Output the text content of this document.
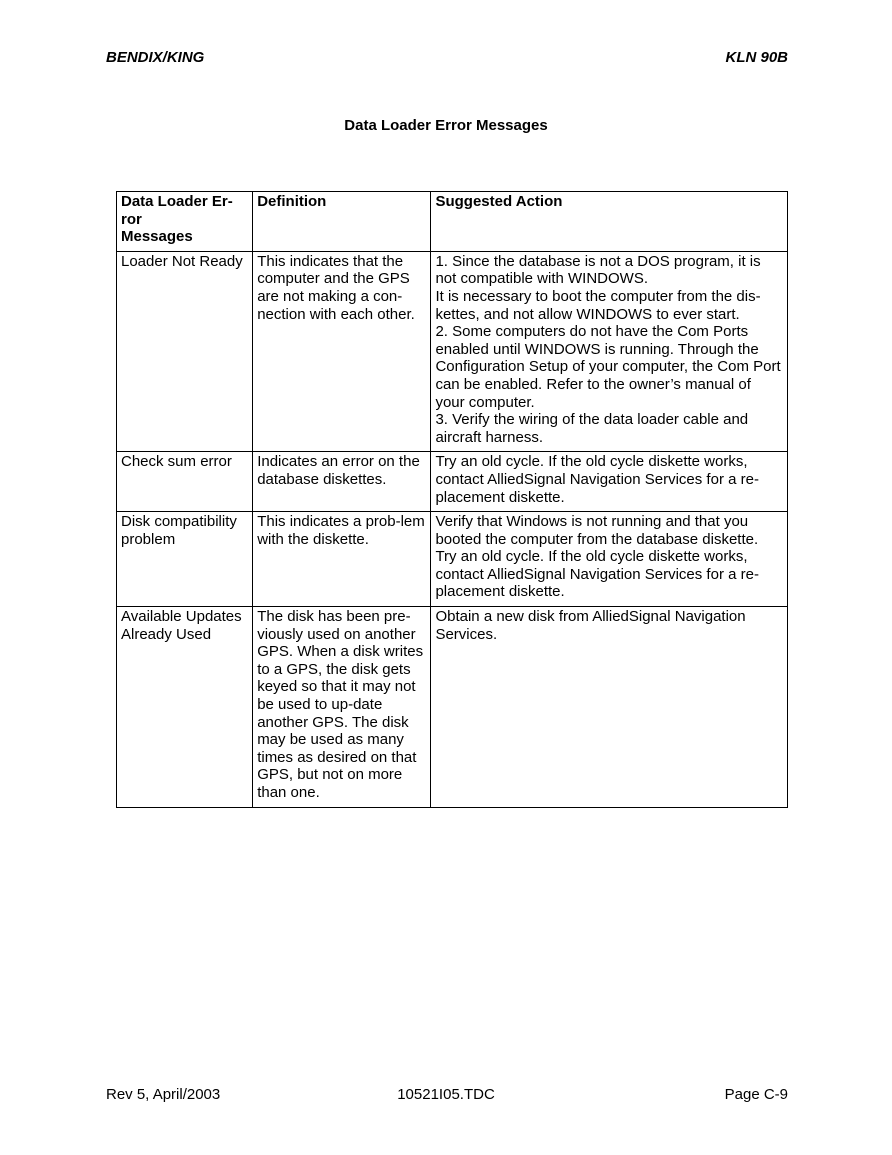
BENDIX/KING	KLN 90B
Data Loader Error Messages
Data Loader Er-
ror
Messages	Definition	Suggested Action
Loader Not Ready	This indicates that the computer and the GPS are not making a con-nection with each other.	1. Since the database is not a DOS program, it is not compatible with WINDOWS.
It is necessary to boot the computer from the dis-kettes, and not allow WINDOWS to ever start.
2. Some computers do not have the Com Ports enabled until WINDOWS is running. Through the Configuration Setup of your computer, the Com Port can be enabled. Refer to the owner’s manual of your computer.
3. Verify the wiring of the data loader cable and aircraft harness.
Check sum error	Indicates an error on the database diskettes.	Try an old cycle. If the old cycle diskette works, contact AlliedSignal Navigation Services for a re-placement diskette.
Disk compatibility problem	This indicates a prob-lem with the diskette.	Verify that Windows is not running and that you booted the computer from the database diskette. Try an old cycle. If the old cycle diskette works, contact AlliedSignal Navigation Services for a re-placement diskette.
Available Updates Already Used	The disk has been pre-viously used on another GPS. When a disk writes to a GPS, the disk gets keyed so that it may not be used to up-date another GPS. The disk may be used as many times as desired on that GPS, but not on more than one.	Obtain a new disk from AlliedSignal Navigation Services.
Rev 5, April/2003	10521I05.TDC	Page C-9
